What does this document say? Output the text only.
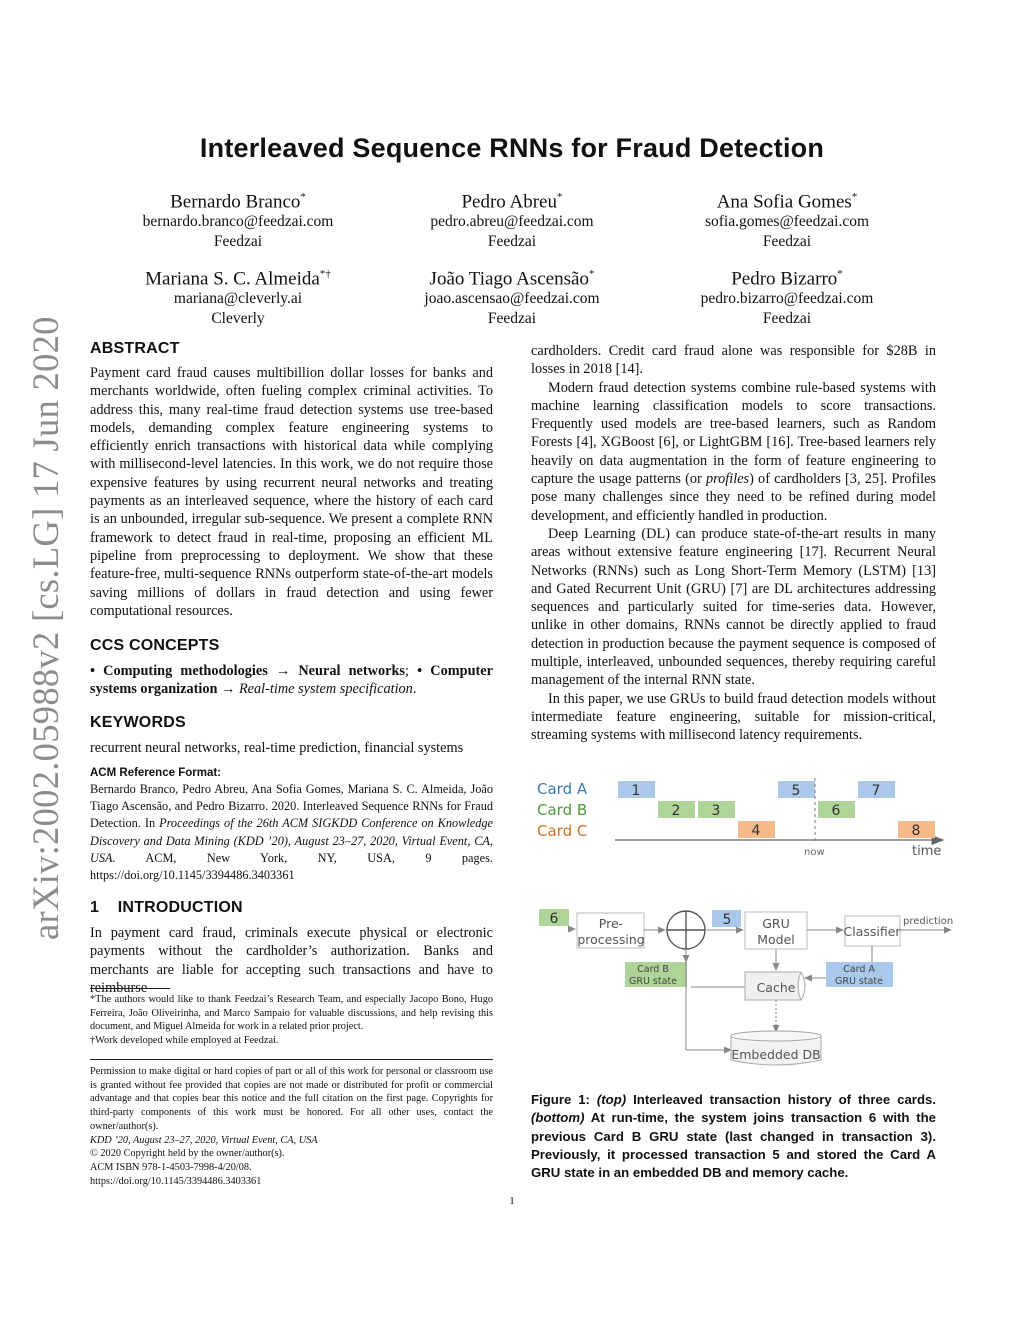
arXiv:2002.05988v2 [cs.LG] 17 Jun 2020
Interleaved Sequence RNNs for Fraud Detection
Bernardo Branco*
bernardo.branco@feedzai.com
Feedzai
Pedro Abreu*
pedro.abreu@feedzai.com
Feedzai
Ana Sofia Gomes*
sofia.gomes@feedzai.com
Feedzai
Mariana S. C. Almeida*†
mariana@cleverly.ai
Cleverly
João Tiago Ascensão*
joao.ascensao@feedzai.com
Feedzai
Pedro Bizarro*
pedro.bizarro@feedzai.com
Feedzai
ABSTRACT

Payment card fraud causes multibillion dollar losses for banks and merchants worldwide, often fueling complex criminal activities. To address this, many real-time fraud detection systems use tree-based models, demanding complex feature engineering systems to efficiently enrich transactions with historical data while complying with millisecond-level latencies. In this work, we do not require those expensive features by using recurrent neural networks and treating payments as an interleaved sequence, where the history of each card is an unbounded, irregular sub-sequence. We present a complete RNN framework to detect fraud in real-time, proposing an efficient ML pipeline from preprocessing to deployment. We show that these feature-free, multi-sequence RNNs outperform state-of-the-art models saving millions of dollars in fraud detection and using fewer computational resources.

CCS CONCEPTS

• Computing methodologies → Neural networks; • Computer systems organization → Real-time system specification.

KEYWORDS

recurrent neural networks, real-time prediction, financial systems

ACM Reference Format:

Bernardo Branco, Pedro Abreu, Ana Sofia Gomes, Mariana S. C. Almeida, João Tiago Ascensão, and Pedro Bizarro. 2020. Interleaved Sequence RNNs for Fraud Detection. In Proceedings of the 26th ACM SIGKDD Conference on Knowledge Discovery and Data Mining (KDD ’20), August 23–27, 2020, Virtual Event, CA, USA. ACM, New York, NY, USA, 9 pages. https://doi.org/10.1145/3394486.3403361

1 INTRODUCTION

In payment card fraud, criminals execute physical or electronic payments without the cardholder’s authorization. Banks and merchants are liable for accepting such transactions and have to reimburse

*The authors would like to thank Feedzai’s Research Team, and especially Jacopo Bono, Hugo Ferreira, João Oliveirinha, and Marco Sampaio for valuable discussions, and help revising this document, and Miguel Almeida for work in a related prior project.

†Work developed while employed at Feedzai.

Permission to make digital or hard copies of part or all of this work for personal or classroom use is granted without fee provided that copies are not made or distributed for profit or commercial advantage and that copies bear this notice and the full citation on the first page. Copyrights for third-party components of this work must be honored. For all other uses, contact the owner/author(s).

KDD ’20, August 23–27, 2020, Virtual Event, CA, USA

© 2020 Copyright held by the owner/author(s).

ACM ISBN 978-1-4503-7998-4/20/08.

https://doi.org/10.1145/3394486.3403361

cardholders. Credit card fraud alone was responsible for $28B in losses in 2018 [14].

Modern fraud detection systems combine rule-based systems with machine learning classification models to score transactions. Frequently used models are tree-based learners, such as Random Forests [4], XGBoost [6], or LightGBM [16]. Tree-based learners rely heavily on data augmentation in the form of feature engineering to capture the usage patterns (or profiles) of cardholders [3, 25]. Profiles pose many challenges since they need to be refined during model development, and efficiently handled in production.

Deep Learning (DL) can produce state-of-the-art results in many areas without extensive feature engineering [17]. Recurrent Neural Networks (RNNs) such as Long Short-Term Memory (LSTM) [13] and Gated Recurrent Unit (GRU) [7] are DL architectures addressing sequences and particularly suited for time-series data. However, unlike in other domains, RNNs cannot be directly applied to fraud detection in production because the payment sequence is composed of multiple, interleaved, unbounded sequences, thereby requiring careful management of the internal RNN state.

In this paper, we use GRUs to build fraud detection models without intermediate feature engineering, suitable for mission-critical, streaming systems with millisecond latency requirements.

Card A
Card B
Card C
1
2 3
4
5
6
7
8
now	time
6	Pre-
processing
5 GRU
Model
Classifier
prediction
Card B
GRU state	Cache
Card A
GRU state
Embedded DB

Figure 1: (top) Interleaved transaction history of three cards. (bottom) At run-time, the system joins transaction 6 with the previous Card B GRU state (last changed in transaction 3). Previously, it processed transaction 5 and stored the Card A GRU state in an embedded DB and memory cache.

1
